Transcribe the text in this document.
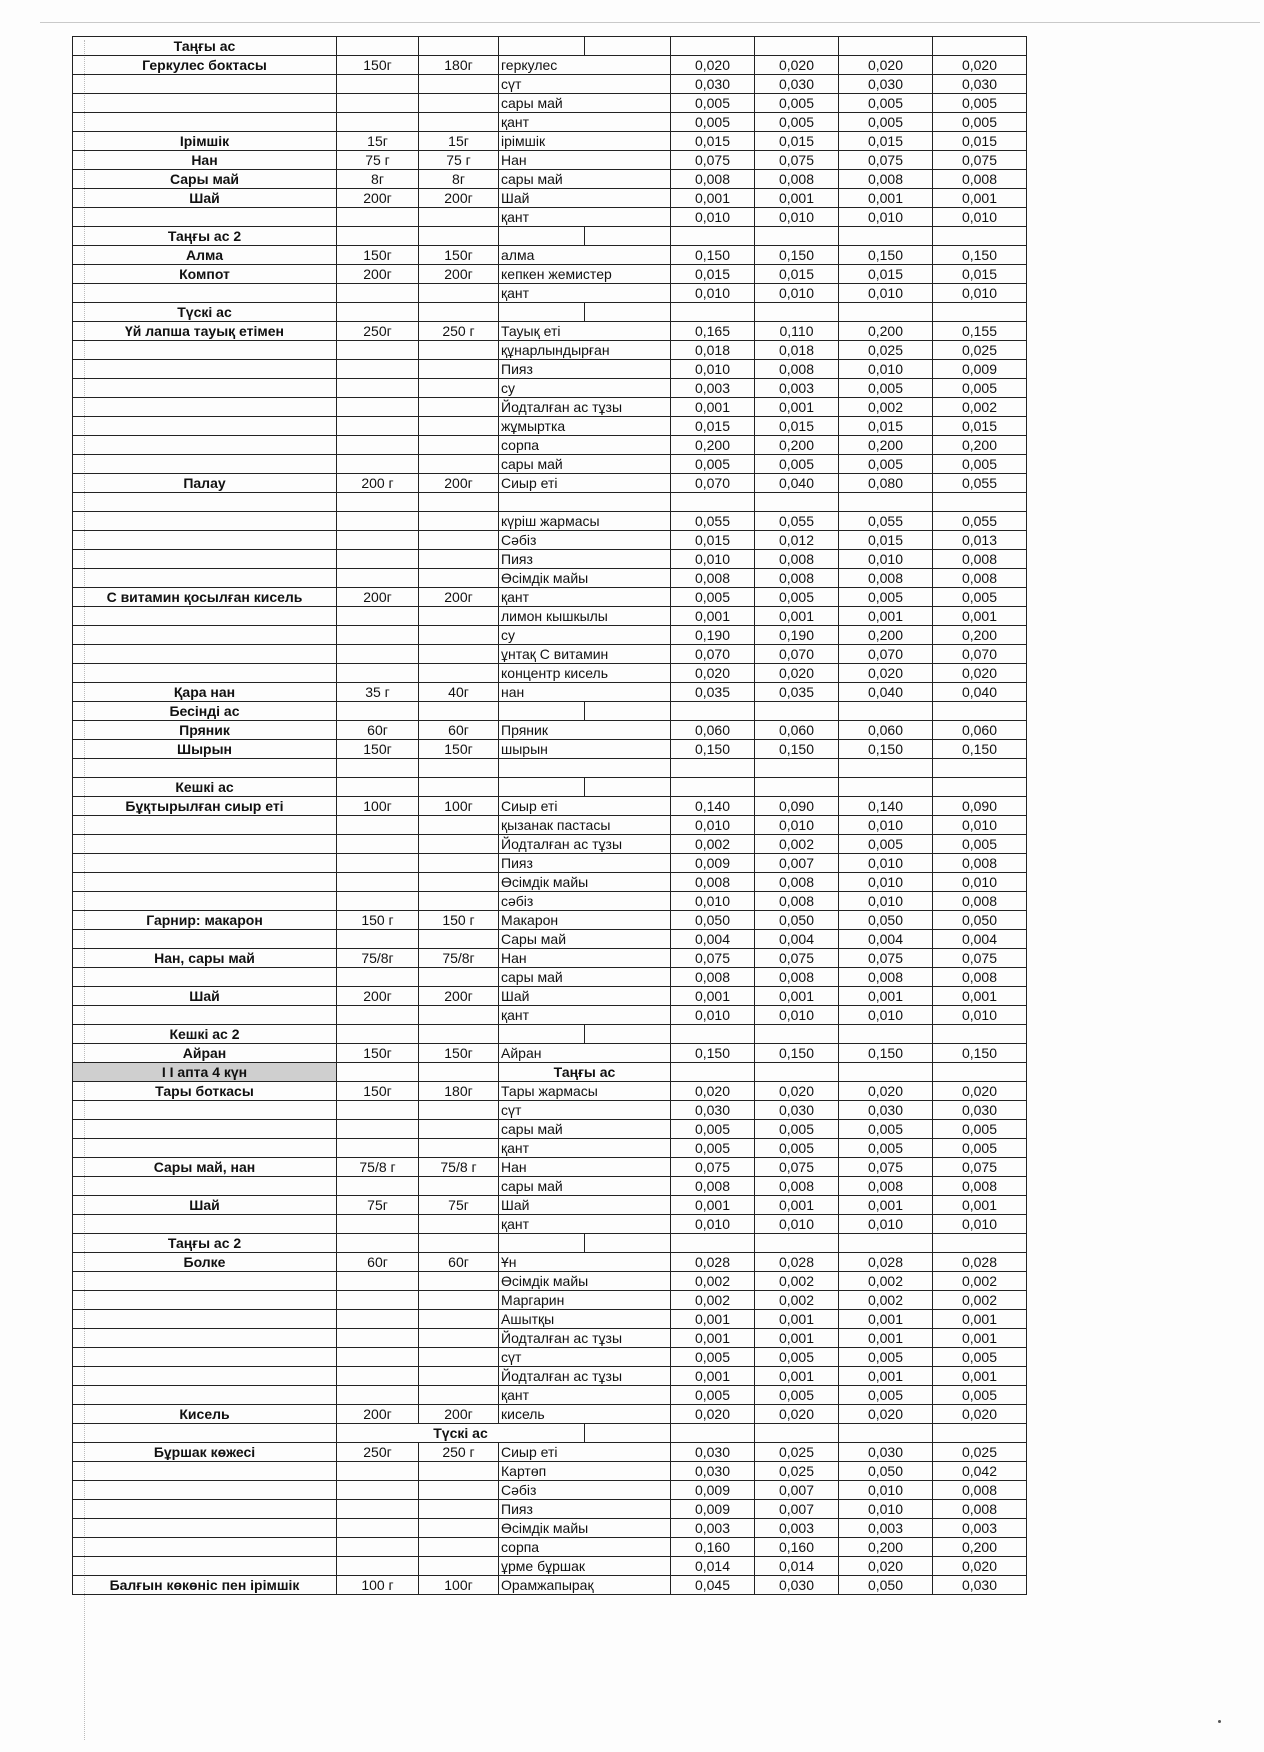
Таңғы ас								
Геркулес боктасы	150г	180г	геркулес		0,020	0,020	0,020	0,020
			сүт		0,030	0,030	0,030	0,030
			сары май		0,005	0,005	0,005	0,005
			қант		0,005	0,005	0,005	0,005
Ірімшік	15г	15г	ірімшік		0,015	0,015	0,015	0,015
Нан	75 г	75 г	Нан		0,075	0,075	0,075	0,075
Сары май	8г	8г	сары май		0,008	0,008	0,008	0,008
Шай	200г	200г	Шай		0,001	0,001	0,001	0,001
			қант		0,010	0,010	0,010	0,010
Таңғы ас 2								
Алма	150г	150г	алма		0,150	0,150	0,150	0,150
Компот	200г	200г	кепкен жемистер		0,015	0,015	0,015	0,015
			қант		0,010	0,010	0,010	0,010
Түскі ас								
Үй лапша тауық етімен	250г	250 г	Тауық еті		0,165	0,110	0,200	0,155
			құнарлындырған		0,018	0,018	0,025	0,025
			Пияз		0,010	0,008	0,010	0,009
			су		0,003	0,003	0,005	0,005
			Йодталған ас тұзы		0,001	0,001	0,002	0,002
			жұмыртка		0,015	0,015	0,015	0,015
			сорпа		0,200	0,200	0,200	0,200
			сары май		0,005	0,005	0,005	0,005
Палау	200 г	200г	Сиыр еті		0,070	0,040	0,080	0,055

			күріш жармасы		0,055	0,055	0,055	0,055
			Сәбіз		0,015	0,012	0,015	0,013
			Пияз		0,010	0,008	0,010	0,008
			Өсімдік майы		0,008	0,008	0,008	0,008
С витамин қосылған кисель	200г	200г	қант		0,005	0,005	0,005	0,005
			лимон кышкылы		0,001	0,001	0,001	0,001
			су		0,190	0,190	0,200	0,200
			ұнтақ С витамин		0,070	0,070	0,070	0,070
			концентр кисель		0,020	0,020	0,020	0,020
Қара нан	35 г	40г	нан		0,035	0,035	0,040	0,040
Бесінді ас								
Пряник	60г	60г	Пряник		0,060	0,060	0,060	0,060
Шырын	150г	150г	шырын		0,150	0,150	0,150	0,150

Кешкі ас								
Бұқтырылған сиыр еті	100г	100г	Сиыр еті		0,140	0,090	0,140	0,090
			қызанак пастасы		0,010	0,010	0,010	0,010
			Йодталған ас тұзы		0,002	0,002	0,005	0,005
			Пияз		0,009	0,007	0,010	0,008
			Өсімдік майы		0,008	0,008	0,010	0,010
			сәбіз		0,010	0,008	0,010	0,008
Гарнир: макарон	150 г	150 г	Макарон		0,050	0,050	0,050	0,050
			Сары май		0,004	0,004	0,004	0,004
Нан, сары май	75/8г	75/8г	Нан		0,075	0,075	0,075	0,075
			сары май		0,008	0,008	0,008	0,008
Шай	200г	200г	Шай		0,001	0,001	0,001	0,001
			қант		0,010	0,010	0,010	0,010
Кешкі ас 2								
Айран	150г	150г	Айран		0,150	0,150	0,150	0,150
I I апта 4 күн			Таңғы ас					
Тары боткасы	150г	180г	Тары жармасы		0,020	0,020	0,020	0,020
			сүт		0,030	0,030	0,030	0,030
			сары май		0,005	0,005	0,005	0,005
			қант		0,005	0,005	0,005	0,005
Сары май, нан	75/8 г	75/8 г	Нан		0,075	0,075	0,075	0,075
			сары май		0,008	0,008	0,008	0,008
Шай	75г	75г	Шай		0,001	0,001	0,001	0,001
			қант		0,010	0,010	0,010	0,010
Таңғы ас 2								
Болке	60г	60г	Ұн		0,028	0,028	0,028	0,028
			Өсімдік майы		0,002	0,002	0,002	0,002
			Маргарин		0,002	0,002	0,002	0,002
			Ашытқы		0,001	0,001	0,001	0,001
			Йодталған ас тұзы		0,001	0,001	0,001	0,001
			сүт		0,005	0,005	0,005	0,005
			Йодталған ас тұзы		0,001	0,001	0,001	0,001
			қант		0,005	0,005	0,005	0,005
Кисель	200г	200г	кисель		0,020	0,020	0,020	0,020
	Түскі ас							
Бұршак көжесі	250г	250 г	Сиыр еті		0,030	0,025	0,030	0,025
			Картөп		0,030	0,025	0,050	0,042
			Сәбіз		0,009	0,007	0,010	0,008
			Пияз		0,009	0,007	0,010	0,008
			Өсімдік майы		0,003	0,003	0,003	0,003
			сорпа		0,160	0,160	0,200	0,200
			ұрме бұршак		0,014	0,014	0,020	0,020
Балғын көкөніс пен ірімшік	100 г	100г	Орамжапырақ		0,045	0,030	0,050	0,030
